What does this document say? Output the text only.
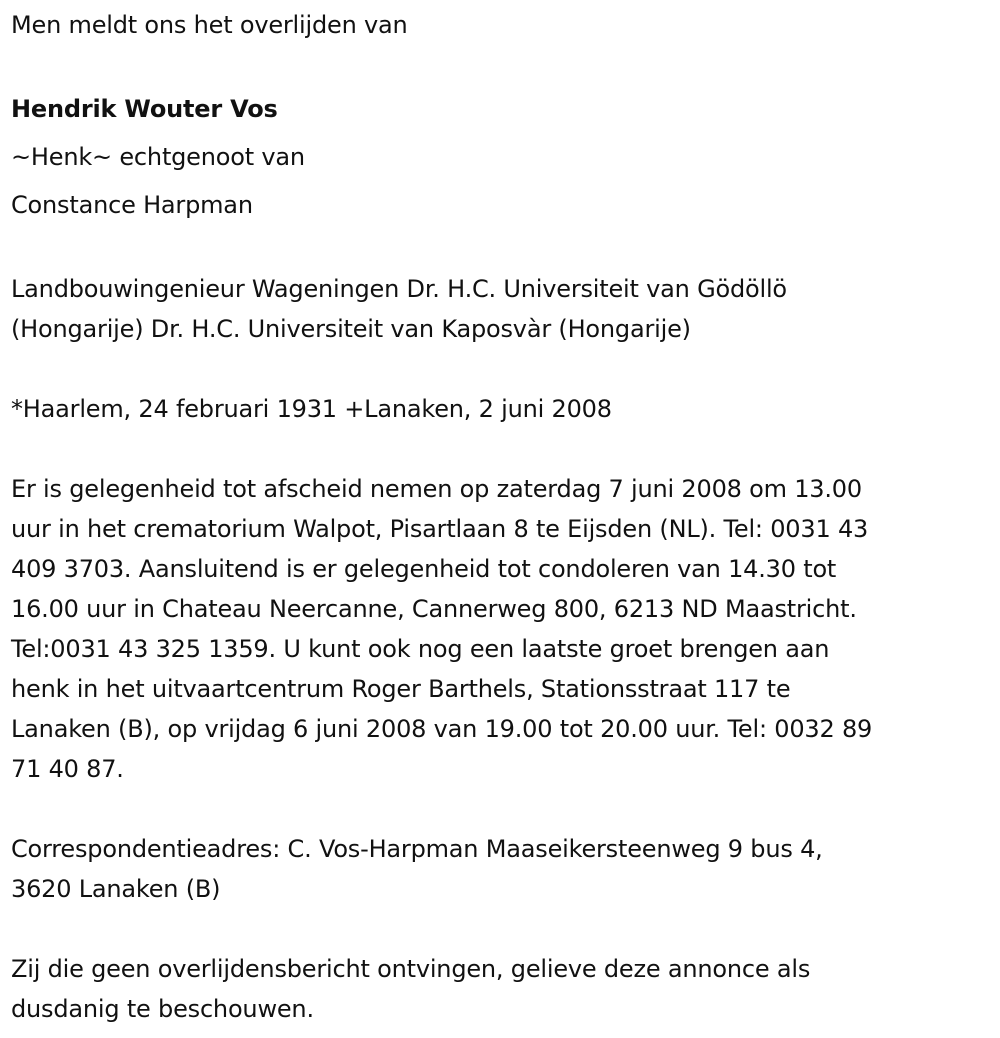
Men meldt ons het overlijden van
Hendrik Wouter Vos
~Henk~ echtgenoot van
Constance Harpman
Landbouwingenieur Wageningen Dr. H.C. Universiteit van Gödöllö
(Hongarije) Dr. H.C. Universiteit van Kaposvàr (Hongarije)
*Haarlem, 24 februari 1931 +Lanaken, 2 juni 2008
Er is gelegenheid tot afscheid nemen op zaterdag 7 juni 2008 om 13.00
uur in het crematorium Walpot, Pisartlaan 8 te Eijsden (NL). Tel: 0031 43
409 3703. Aansluitend is er gelegenheid tot condoleren van 14.30 tot
16.00 uur in Chateau Neercanne, Cannerweg 800, 6213 ND Maastricht.
Tel:0031 43 325 1359. U kunt ook nog een laatste groet brengen aan
henk in het uitvaartcentrum Roger Barthels, Stationsstraat 117 te
Lanaken (B), op vrijdag 6 juni 2008 van 19.00 tot 20.00 uur. Tel: 0032 89
71 40 87.
Correspondentieadres: C. Vos-Harpman Maaseikersteenweg 9 bus 4,
3620 Lanaken (B)
Zij die geen overlijdensbericht ontvingen, gelieve deze annonce als
dusdanig te beschouwen.
